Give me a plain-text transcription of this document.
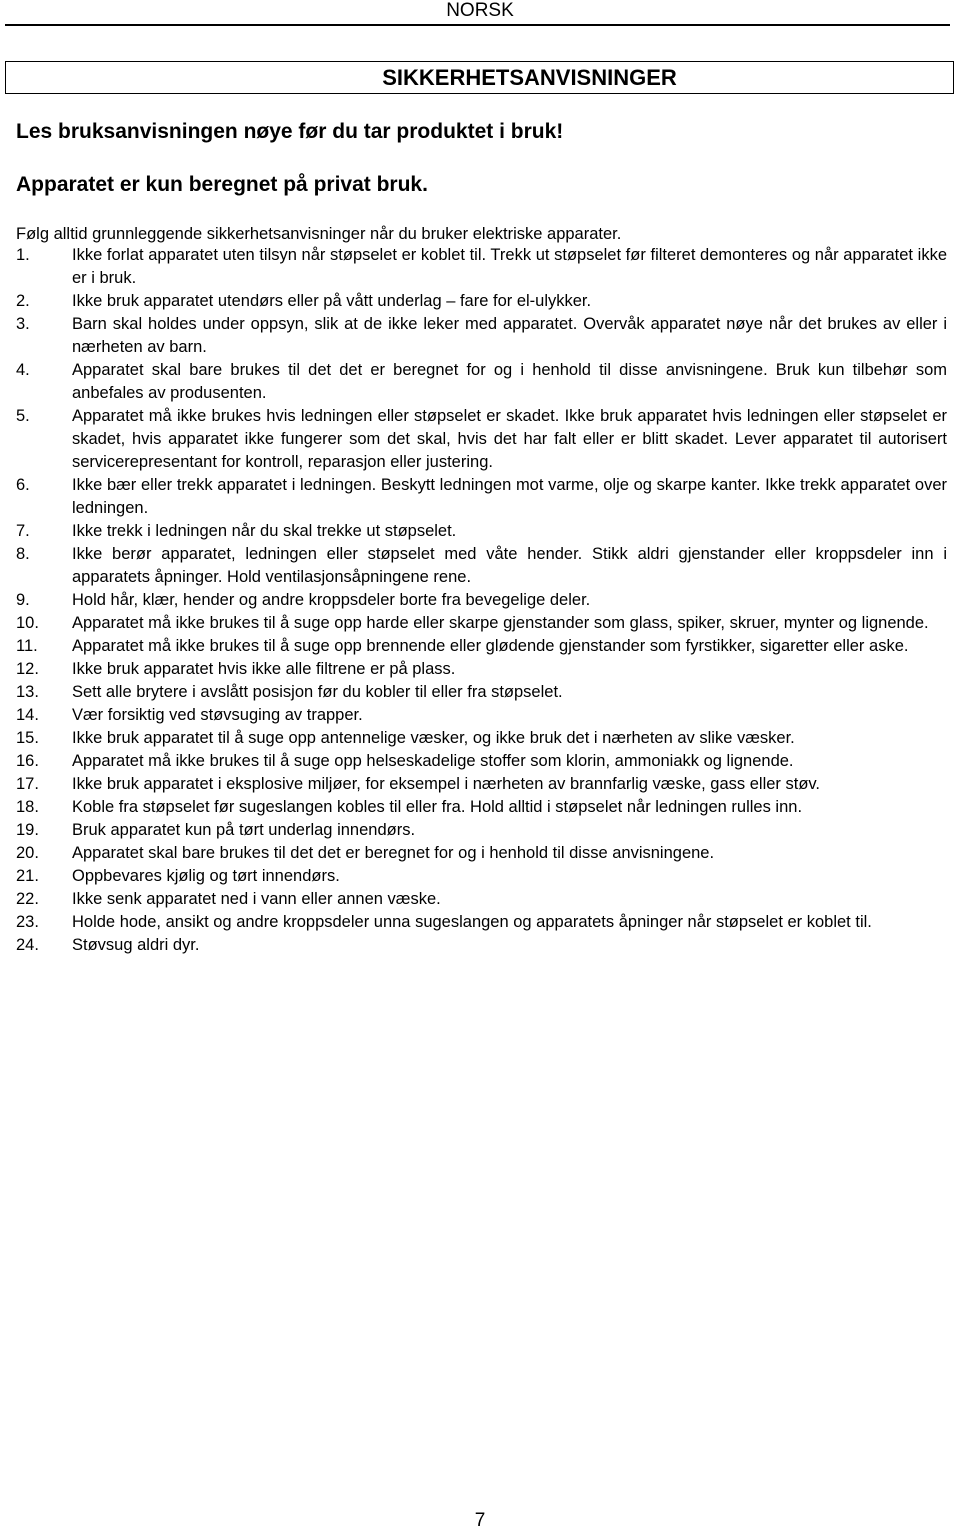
NORSK
SIKKERHETSANVISNINGER
Les bruksanvisningen nøye før du tar produktet i bruk!
Apparatet er kun beregnet på privat bruk.
Følg alltid grunnleggende sikkerhetsanvisninger når du bruker elektriske apparater.
1.	Ikke forlat apparatet uten tilsyn når støpselet er koblet til. Trekk ut støpselet før filteret demonteres og når apparatet ikke er i bruk.
2.	Ikke bruk apparatet utendørs eller på vått underlag – fare for el-ulykker.
3.	Barn skal holdes under oppsyn, slik at de ikke leker med apparatet. Overvåk apparatet nøye når det brukes av eller i nærheten av barn.
4.	Apparatet skal bare brukes til det det er beregnet for og i henhold til disse anvisningene. Bruk kun tilbehør som anbefales av produsenten.
5.	Apparatet må ikke brukes hvis ledningen eller støpselet er skadet. Ikke bruk apparatet hvis ledningen eller støpselet er skadet, hvis apparatet ikke fungerer som det skal, hvis det har falt eller er blitt skadet. Lever apparatet til autorisert servicerepresentant for kontroll, reparasjon eller justering.
6.	Ikke bær eller trekk apparatet i ledningen. Beskytt ledningen mot varme, olje og skarpe kanter. Ikke trekk apparatet over ledningen.
7.	Ikke trekk i ledningen når du skal trekke ut støpselet.
8.	Ikke berør apparatet, ledningen eller støpselet med våte hender. Stikk aldri gjenstander eller kroppsdeler inn i apparatets åpninger. Hold ventilasjonsåpningene rene.
9.	Hold hår, klær, hender og andre kroppsdeler borte fra bevegelige deler.
10.	Apparatet må ikke brukes til å suge opp harde eller skarpe gjenstander som glass, spiker, skruer, mynter og lignende.
11.	Apparatet må ikke brukes til å suge opp brennende eller glødende gjenstander som fyrstikker, sigaretter eller aske.
12.	Ikke bruk apparatet hvis ikke alle filtrene er på plass.
13.	Sett alle brytere i avslått posisjon før du kobler til eller fra støpselet.
14.	Vær forsiktig ved støvsuging av trapper.
15.	Ikke bruk apparatet til å suge opp antennelige væsker, og ikke bruk det i nærheten av slike væsker.
16.	Apparatet må ikke brukes til å suge opp helseskadelige stoffer som klorin, ammoniakk og lignende.
17.	Ikke bruk apparatet i eksplosive miljøer, for eksempel i nærheten av brannfarlig væske, gass eller støv.
18.	Koble fra støpselet før sugeslangen kobles til eller fra. Hold alltid i støpselet når ledningen rulles inn.
19.	Bruk apparatet kun på tørt underlag innendørs.
20.	Apparatet skal bare brukes til det det er beregnet for og i henhold til disse anvisningene.
21.	Oppbevares kjølig og tørt innendørs.
22.	Ikke senk apparatet ned i vann eller annen væske.
23.	Holde hode, ansikt og andre kroppsdeler unna sugeslangen og apparatets åpninger når støpselet er koblet til.
24.	Støvsug aldri dyr.
7
